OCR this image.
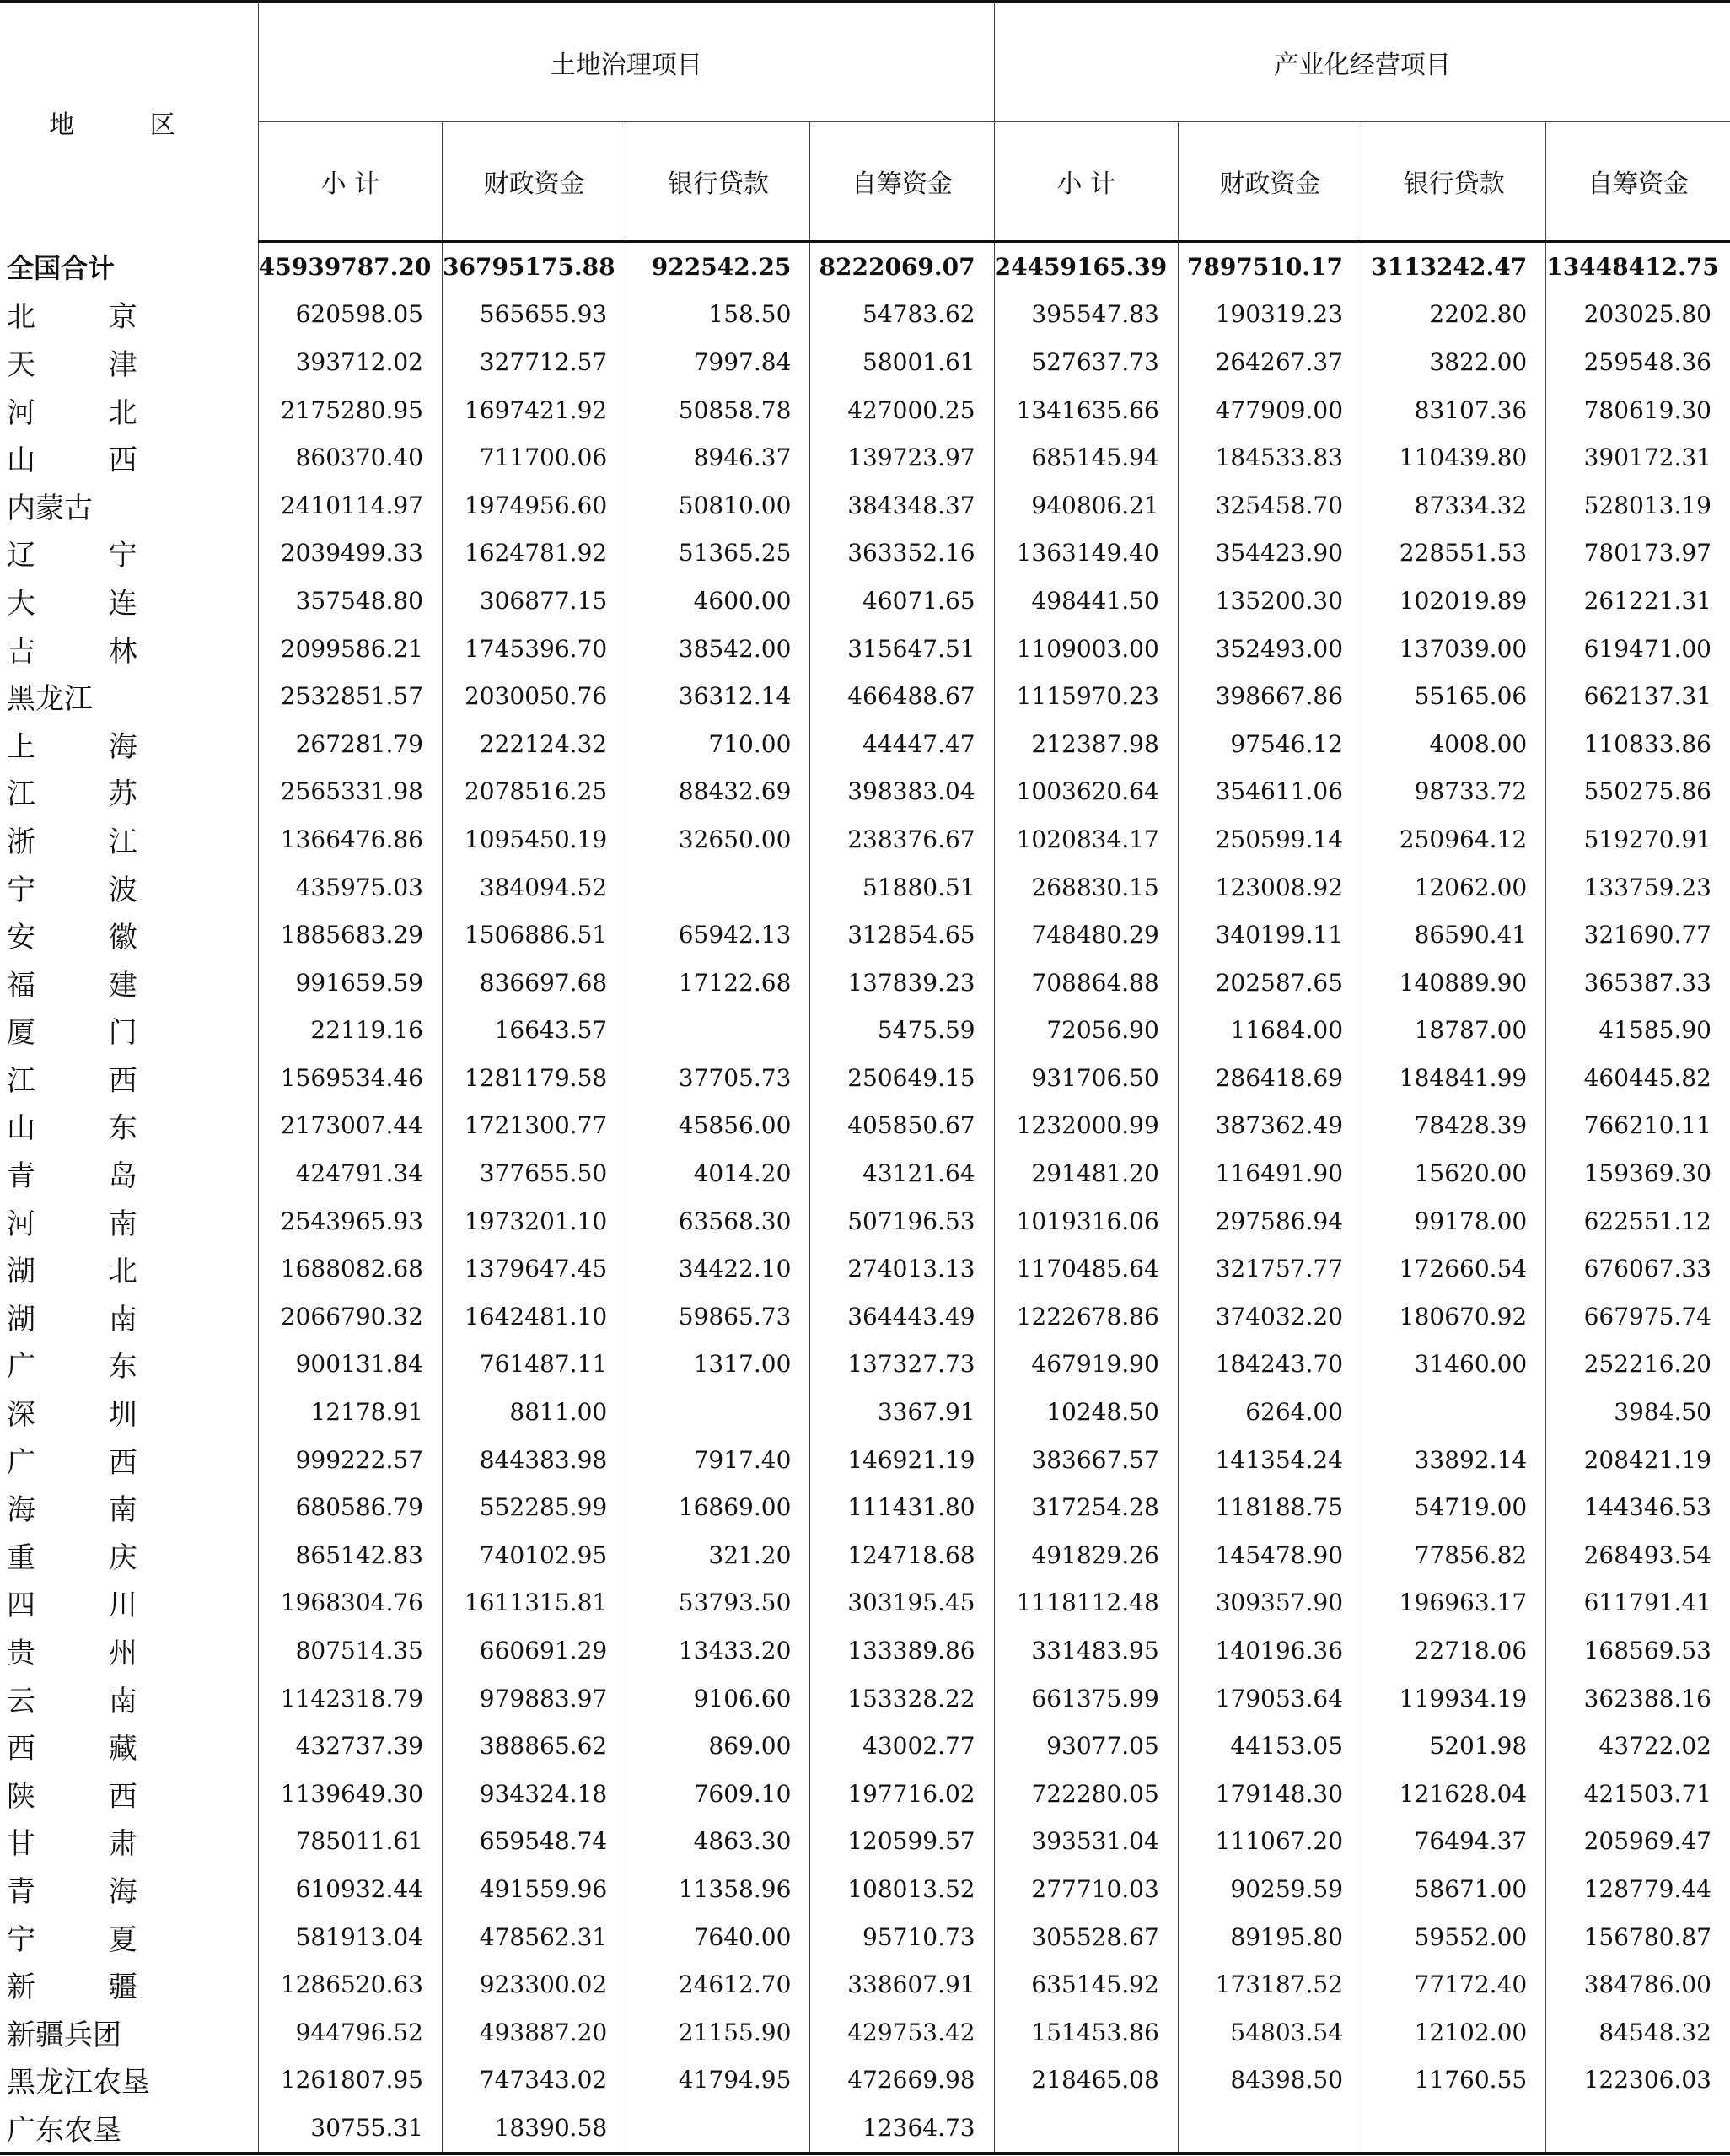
地 区	土地治理项目				产业化经营项目			
	小 计	财政资金	银行贷款	自筹资金	小 计	财政资金	银行贷款	自筹资金
全国合计	45939787.20	36795175.88	922542.25	8222069.07	24459165.39	7897510.17	3113242.47	13448412.75
北 京	620598.05	565655.93	158.50	54783.62	395547.83	190319.23	2202.80	203025.80
天 津	393712.02	327712.57	7997.84	58001.61	527637.73	264267.37	3822.00	259548.36
河 北	2175280.95	1697421.92	50858.78	427000.25	1341635.66	477909.00	83107.36	780619.30
山 西	860370.40	711700.06	8946.37	139723.97	685145.94	184533.83	110439.80	390172.31
内蒙古	2410114.97	1974956.60	50810.00	384348.37	940806.21	325458.70	87334.32	528013.19
辽 宁	2039499.33	1624781.92	51365.25	363352.16	1363149.40	354423.90	228551.53	780173.97
大 连	357548.80	306877.15	4600.00	46071.65	498441.50	135200.30	102019.89	261221.31
吉 林	2099586.21	1745396.70	38542.00	315647.51	1109003.00	352493.00	137039.00	619471.00
黑龙江	2532851.57	2030050.76	36312.14	466488.67	1115970.23	398667.86	55165.06	662137.31
上 海	267281.79	222124.32	710.00	44447.47	212387.98	97546.12	4008.00	110833.86
江 苏	2565331.98	2078516.25	88432.69	398383.04	1003620.64	354611.06	98733.72	550275.86
浙 江	1366476.86	1095450.19	32650.00	238376.67	1020834.17	250599.14	250964.12	519270.91
宁 波	435975.03	384094.52		51880.51	268830.15	123008.92	12062.00	133759.23
安 徽	1885683.29	1506886.51	65942.13	312854.65	748480.29	340199.11	86590.41	321690.77
福 建	991659.59	836697.68	17122.68	137839.23	708864.88	202587.65	140889.90	365387.33
厦 门	22119.16	16643.57		5475.59	72056.90	11684.00	18787.00	41585.90
江 西	1569534.46	1281179.58	37705.73	250649.15	931706.50	286418.69	184841.99	460445.82
山 东	2173007.44	1721300.77	45856.00	405850.67	1232000.99	387362.49	78428.39	766210.11
青 岛	424791.34	377655.50	4014.20	43121.64	291481.20	116491.90	15620.00	159369.30
河 南	2543965.93	1973201.10	63568.30	507196.53	1019316.06	297586.94	99178.00	622551.12
湖 北	1688082.68	1379647.45	34422.10	274013.13	1170485.64	321757.77	172660.54	676067.33
湖 南	2066790.32	1642481.10	59865.73	364443.49	1222678.86	374032.20	180670.92	667975.74
广 东	900131.84	761487.11	1317.00	137327.73	467919.90	184243.70	31460.00	252216.20
深 圳	12178.91	8811.00		3367.91	10248.50	6264.00		3984.50
广 西	999222.57	844383.98	7917.40	146921.19	383667.57	141354.24	33892.14	208421.19
海 南	680586.79	552285.99	16869.00	111431.80	317254.28	118188.75	54719.00	144346.53
重 庆	865142.83	740102.95	321.20	124718.68	491829.26	145478.90	77856.82	268493.54
四 川	1968304.76	1611315.81	53793.50	303195.45	1118112.48	309357.90	196963.17	611791.41
贵 州	807514.35	660691.29	13433.20	133389.86	331483.95	140196.36	22718.06	168569.53
云 南	1142318.79	979883.97	9106.60	153328.22	661375.99	179053.64	119934.19	362388.16
西 藏	432737.39	388865.62	869.00	43002.77	93077.05	44153.05	5201.98	43722.02
陕 西	1139649.30	934324.18	7609.10	197716.02	722280.05	179148.30	121628.04	421503.71
甘 肃	785011.61	659548.74	4863.30	120599.57	393531.04	111067.20	76494.37	205969.47
青 海	610932.44	491559.96	11358.96	108013.52	277710.03	90259.59	58671.00	128779.44
宁 夏	581913.04	478562.31	7640.00	95710.73	305528.67	89195.80	59552.00	156780.87
新 疆	1286520.63	923300.02	24612.70	338607.91	635145.92	173187.52	77172.40	384786.00
新疆兵团	944796.52	493887.20	21155.90	429753.42	151453.86	54803.54	12102.00	84548.32
黑龙江农垦	1261807.95	747343.02	41794.95	472669.98	218465.08	84398.50	11760.55	122306.03
广东农垦	30755.31	18390.58		12364.73				
